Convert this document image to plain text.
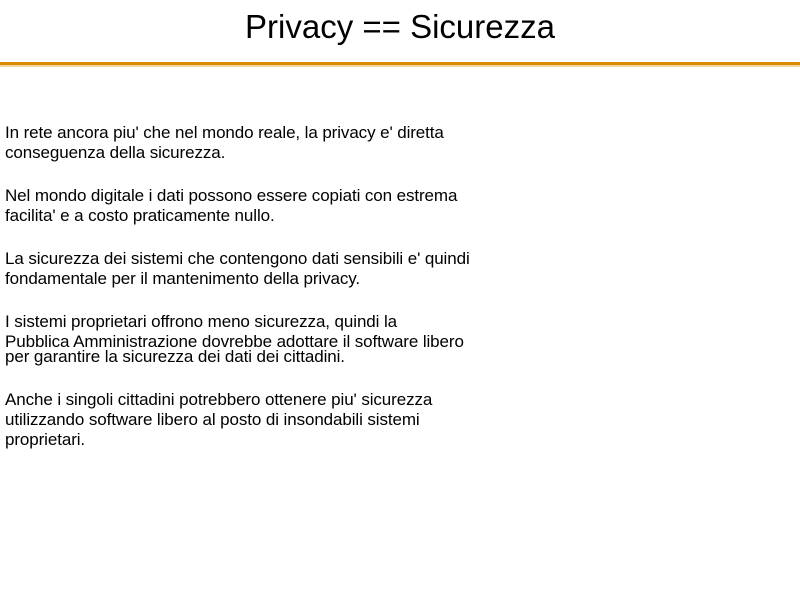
Privacy == Sicurezza

In rete ancora piu' che nel mondo reale, la privacy e' diretta
conseguenza della sicurezza.

Nel mondo digitale i dati possono essere copiati con estrema
facilita' e a costo praticamente nullo.

La sicurezza dei sistemi che contengono dati sensibili e' quindi
fondamentale per il mantenimento della privacy.

I sistemi proprietari offrono meno sicurezza, quindi la
Pubblica Amministrazione dovrebbe adottare il software libero
per garantire la sicurezza dei dati dei cittadini.

Anche i singoli cittadini potrebbero ottenere piu' sicurezza
utilizzando software libero al posto di insondabili sistemi
proprietari.
